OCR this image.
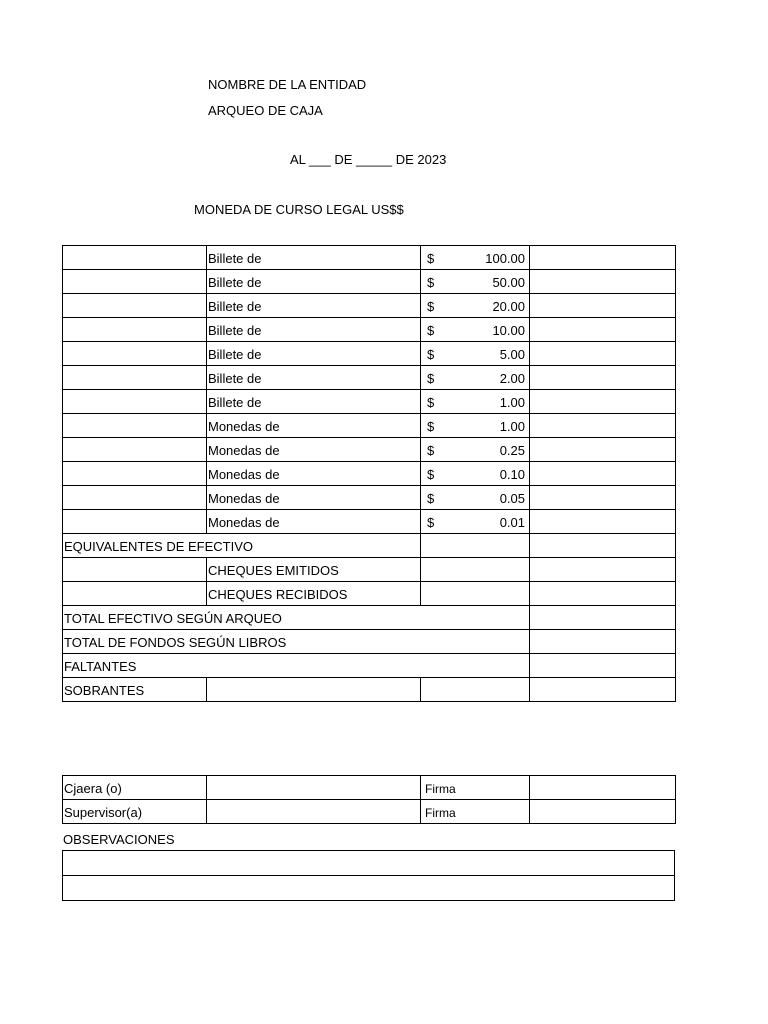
NOMBRE DE LA ENTIDAD
ARQUEO DE CAJA
AL ___ DE _____ DE 2023
MONEDA DE CURSO LEGAL US$$
	Billete de	$ 100.00	

	Billete de	$ 50.00	

	Billete de	$ 20.00	

	Billete de	$ 10.00	

	Billete de	$ 5.00	

	Billete de	$ 2.00	

	Billete de	$ 1.00	

	Monedas de	$ 1.00	

	Monedas de	$ 0.25	

	Monedas de	$ 0.10	

	Monedas de	$ 0.05	

	Monedas de	$ 0.01	

EQUIVALENTES DE EFECTIVO			
	CHEQUES EMITIDOS		
	CHEQUES RECIBIDOS		
TOTAL EFECTIVO SEGÚN ARQUEO			
TOTAL DE FONDOS SEGÚN LIBROS			
FALTANTES			
SOBRANTES			
Cjaera (o)		Firma	
Supervisor(a)		Firma	
OBSERVACIONES
